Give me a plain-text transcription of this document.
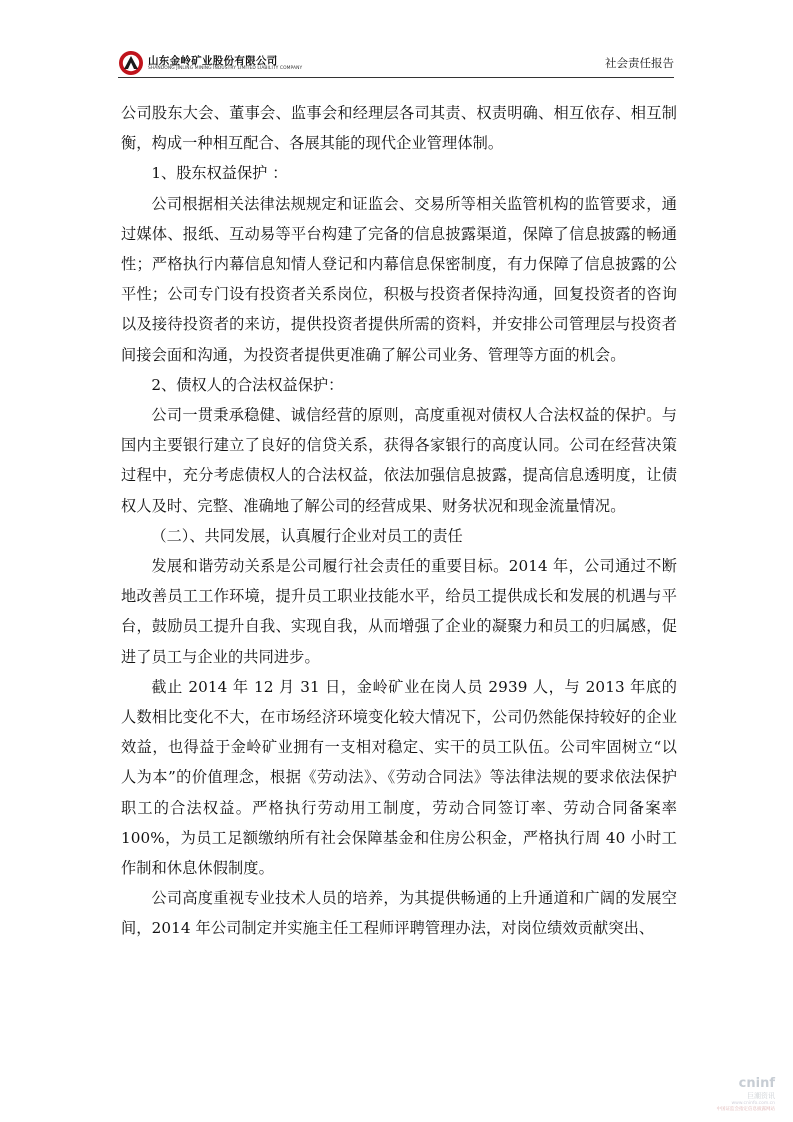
山东金岭矿业股份有限公司
SHANDONG JINLING MINING INDUSTRY LIMITED LIABILITY COMPANY	社会责任报告

公司股东大会、董事会、监事会和经理层各司其责、权责明确、相互依存、相互制衡，构成一种相互配合、各展其能的现代企业管理体制。

1、股东权益保护 ：

公司根据相关法律法规规定和证监会、交易所等相关监管机构的监管要求，通过媒体、报纸、互动易等平台构建了完备的信息披露渠道，保障了信息披露的畅通性；严格执行内幕信息知情人登记和内幕信息保密制度，有力保障了信息披露的公平性；公司专门设有投资者关系岗位，积极与投资者保持沟通，回复投资者的咨询以及接待投资者的来访，提供投资者提供所需的资料，并安排公司管理层与投资者间接会面和沟通，为投资者提供更准确了解公司业务、管理等方面的机会。

2、债权人的合法权益保护：

公司一贯秉承稳健、诚信经营的原则，高度重视对债权人合法权益的保护。与国内主要银行建立了良好的信贷关系，获得各家银行的高度认同。公司在经营决策过程中，充分考虑债权人的合法权益，依法加强信息披露，提高信息透明度，让债权人及时、完整、准确地了解公司的经营成果、财务状况和现金流量情况。

（二）、共同发展，认真履行企业对员工的责任

发展和谐劳动关系是公司履行社会责任的重要目标。2014 年，公司通过不断地改善员工工作环境，提升员工职业技能水平，给员工提供成长和发展的机遇与平台，鼓励员工提升自我、实现自我，从而增强了企业的凝聚力和员工的归属感，促进了员工与企业的共同进步。

截止 2014 年 12 月 31 日，金岭矿业在岗人员 2939 人，与 2013 年底的人数相比变化不大，在市场经济环境变化较大情况下，公司仍然能保持较好的企业效益，也得益于金岭矿业拥有一支相对稳定、实干的员工队伍。公司牢固树立“以人为本”的价值理念，根据《劳动法》、《劳动合同法》等法律法规的要求依法保护职工的合法权益。严格执行劳动用工制度，劳动合同签订率、劳动合同备案率100%，为员工足额缴纳所有社会保障基金和住房公积金，严格执行周 40 小时工作制和休息休假制度。

公司高度重视专业技术人员的培养，为其提供畅通的上升通道和广阔的发展空间，2014 年公司制定并实施主任工程师评聘管理办法，对岗位绩效贡献突出、

cninf
巨潮资讯
www.cninfo.com.cn
中国证监会指定信息披露网站
